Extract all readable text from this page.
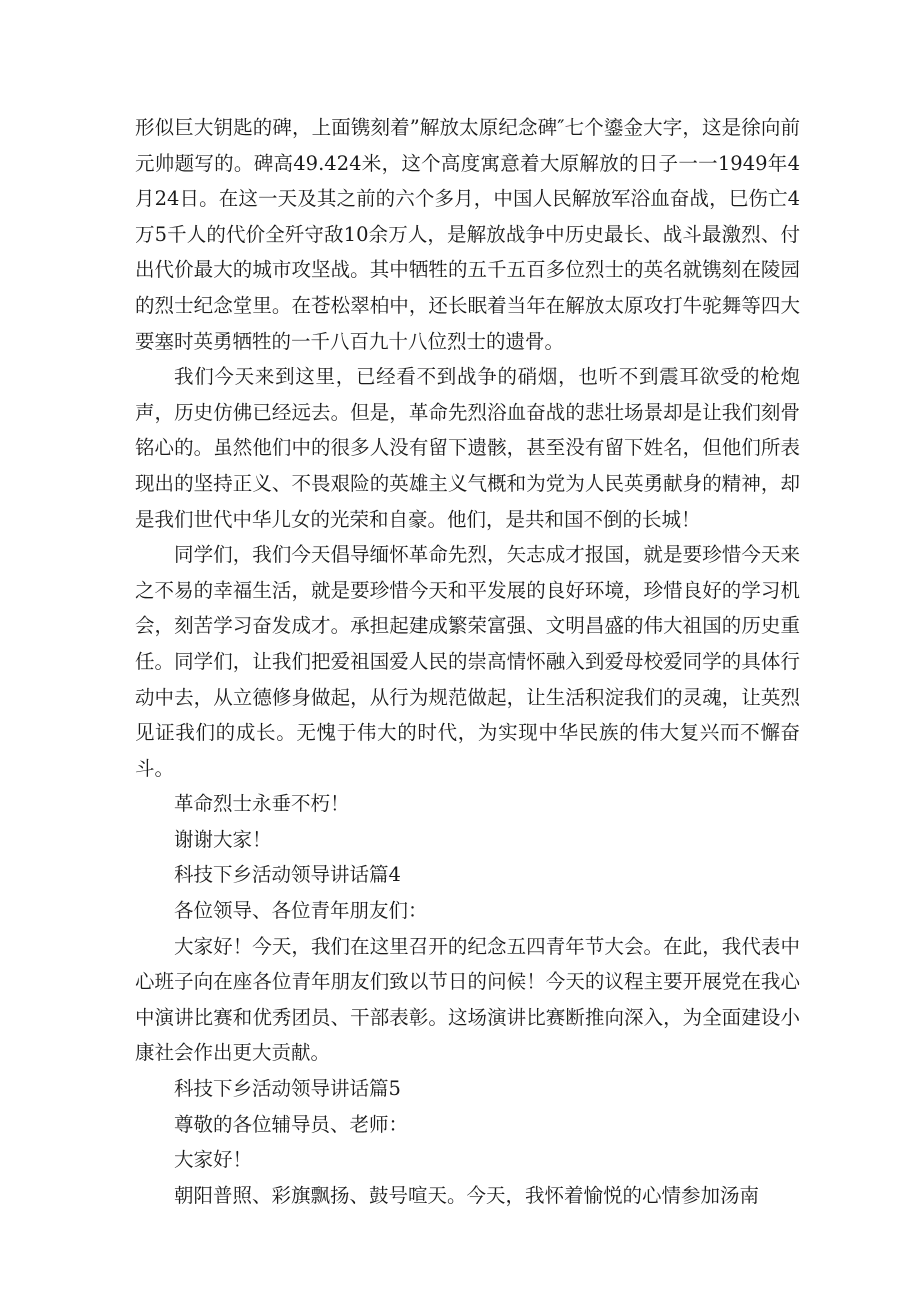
形似巨大钥匙的碑，上面镌刻着”解放太原纪念碑″七个鎏金大字，这是徐向前元帅题写的。碑高49.424米，这个高度寓意着大原解放的日子一一1949年4月24日。在这一天及其之前的六个多月，中国人民解放军浴血奋战，巳伤亡4万5千人的代价全歼守敌10余万人，是解放战争中历史最长、战斗最激烈、付出代价最大的城市攻坚战。其中牺牲的五千五百多位烈士的英名就镌刻在陵园的烈士纪念堂里。在苍松翠柏中，还长眠着当年在解放太原攻打牛驼舞等四大要塞时英勇牺牲的一千八百九十八位烈士的遗骨。

我们今天来到这里，已经看不到战争的硝烟，也听不到震耳欲受的枪炮声，历史仿佛已经远去。但是，革命先烈浴血奋战的悲壮场景却是让我们刻骨铭心的。虽然他们中的很多人没有留下遗骸，甚至没有留下姓名，但他们所表现出的坚持正义、不畏艰险的英雄主义气概和为党为人民英勇献身的精神，却是我们世代中华儿女的光荣和自豪。他们，是共和国不倒的长城！

同学们，我们今天倡导缅怀革命先烈，矢志成才报国，就是要珍惜今天来之不易的幸福生活，就是要珍惜今天和平发展的良好环境，珍惜良好的学习机会，刻苦学习奋发成才。承担起建成繁荣富强、文明昌盛的伟大祖国的历史重任。同学们，让我们把爱祖国爱人民的崇高情怀融入到爱母校爱同学的具体行动中去，从立德修身做起，从行为规范做起，让生活积淀我们的灵魂，让英烈见证我们的成长。无愧于伟大的时代，为实现中华民族的伟大复兴而不懈奋斗。

革命烈士永垂不朽！

谢谢大家！

科技下乡活动领导讲话篇4

各位领导、各位青年朋友们：

大家好！今天，我们在这里召开的纪念五四青年节大会。在此，我代表中心班子向在座各位青年朋友们致以节日的问候！今天的议程主要开展党在我心中演讲比赛和优秀团员、干部表彰。这场演讲比赛断推向深入，为全面建设小康社会作出更大贡献。

科技下乡活动领导讲话篇5

尊敬的各位辅导员、老师：

大家好！

朝阳普照、彩旗飘扬、鼓号喧天。今天，我怀着愉悦的心情参加汤南
